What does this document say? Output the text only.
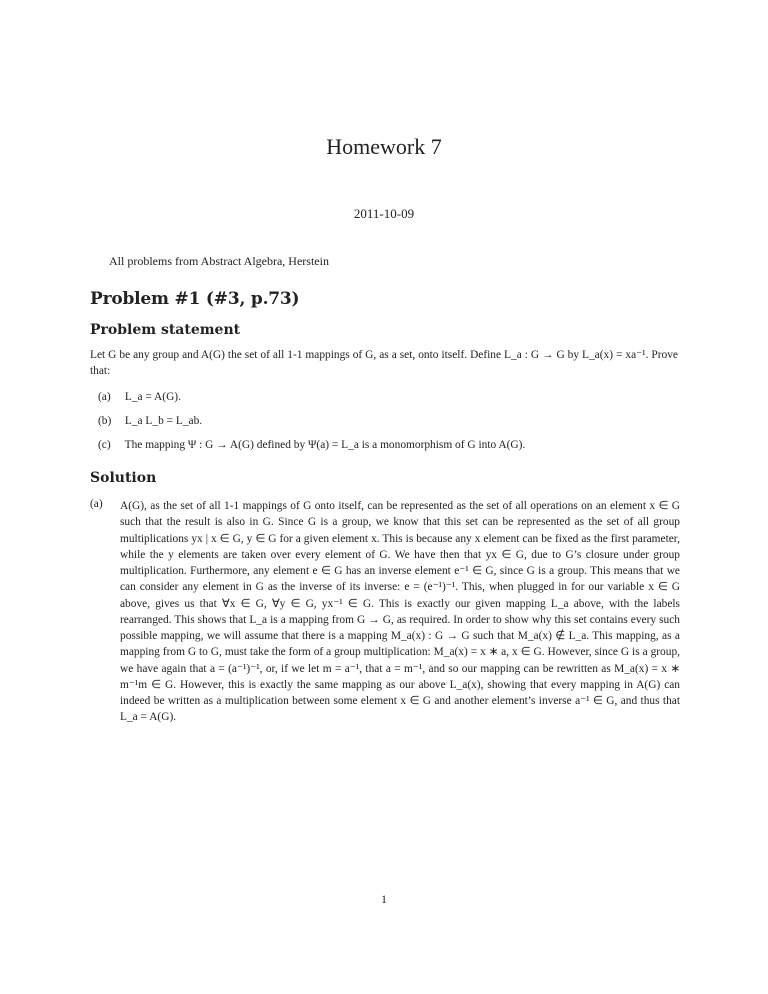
Homework 7
2011-10-09
All problems from Abstract Algebra, Herstein
Problem #1 (#3, p.73)
Problem statement
Let G be any group and A(G) the set of all 1-1 mappings of G, as a set, onto itself. Define L_a : G → G by L_a(x) = xa⁻¹. Prove that:
(a) L_a = A(G).
(b) L_a L_b = L_ab.
(c) The mapping Ψ : G → A(G) defined by Ψ(a) = L_a is a monomorphism of G into A(G).
Solution
(a) A(G), as the set of all 1-1 mappings of G onto itself, can be represented as the set of all operations on an element x ∈ G such that the result is also in G. Since G is a group, we know that this set can be represented as the set of all group multiplications yx | x ∈ G, y ∈ G for a given element x. This is because any x element can be fixed as the first parameter, while the y elements are taken over every element of G. We have then that yx ∈ G, due to G’s closure under group multiplication. Furthermore, any element e ∈ G has an inverse element e⁻¹ ∈ G, since G is a group. This means that we can consider any element in G as the inverse of its inverse: e = (e⁻¹)⁻¹. This, when plugged in for our variable x ∈ G above, gives us that ∀x ∈ G, ∀y ∈ G, yx⁻¹ ∈ G. This is exactly our given mapping L_a above, with the labels rearranged. This shows that L_a is a mapping from G → G, as required. In order to show why this set contains every such possible mapping, we will assume that there is a mapping M_a(x) : G → G such that M_a(x) ∉ L_a. This mapping, as a mapping from G to G, must take the form of a group multiplication: M_a(x) = x ∗ a, x ∈ G. However, since G is a group, we have again that a = (a⁻¹)⁻¹, or, if we let m = a⁻¹, that a = m⁻¹, and so our mapping can be rewritten as M_a(x) = x ∗ m⁻¹m ∈ G. However, this is exactly the same mapping as our above L_a(x), showing that every mapping in A(G) can indeed be written as a multiplication between some element x ∈ G and another element’s inverse a⁻¹ ∈ G, and thus that L_a = A(G).
1
